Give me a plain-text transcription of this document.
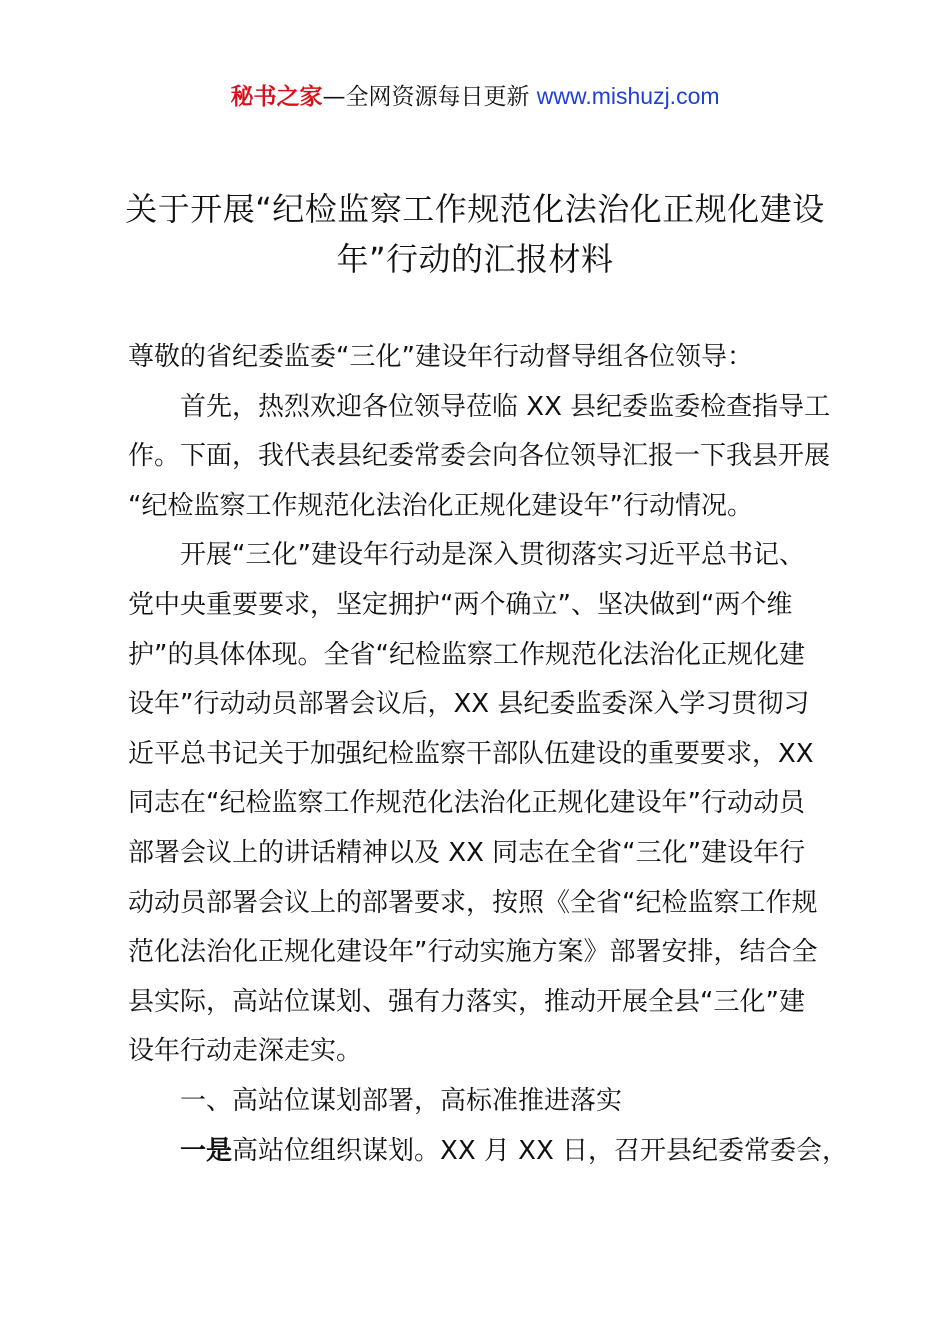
秘书之家—全网资源每日更新 www.mishuzj.com
关于开展“纪检监察工作规范化法治化正规化建设
年”行动的汇报材料
尊敬的省纪委监委“三化”建设年行动督导组各位领导：
首先，热烈欢迎各位领导莅临 XX 县纪委监委检查指导工
作。下面，我代表县纪委常委会向各位领导汇报一下我县开展
“纪检监察工作规范化法治化正规化建设年”行动情况。
开展“三化”建设年行动是深入贯彻落实习近平总书记、
党中央重要要求，坚定拥护“两个确立”、坚决做到“两个维
护”的具体体现。全省“纪检监察工作规范化法治化正规化建
设年”行动动员部署会议后，XX 县纪委监委深入学习贯彻习
近平总书记关于加强纪检监察干部队伍建设的重要要求，XX
同志在“纪检监察工作规范化法治化正规化建设年”行动动员
部署会议上的讲话精神以及 XX 同志在全省“三化”建设年行
动动员部署会议上的部署要求，按照《全省“纪检监察工作规
范化法治化正规化建设年”行动实施方案》部署安排，结合全
县实际，高站位谋划、强有力落实，推动开展全县“三化”建
设年行动走深走实。
一、高站位谋划部署，高标准推进落实
一是高站位组织谋划。XX 月 XX 日，召开县纪委常委会，
